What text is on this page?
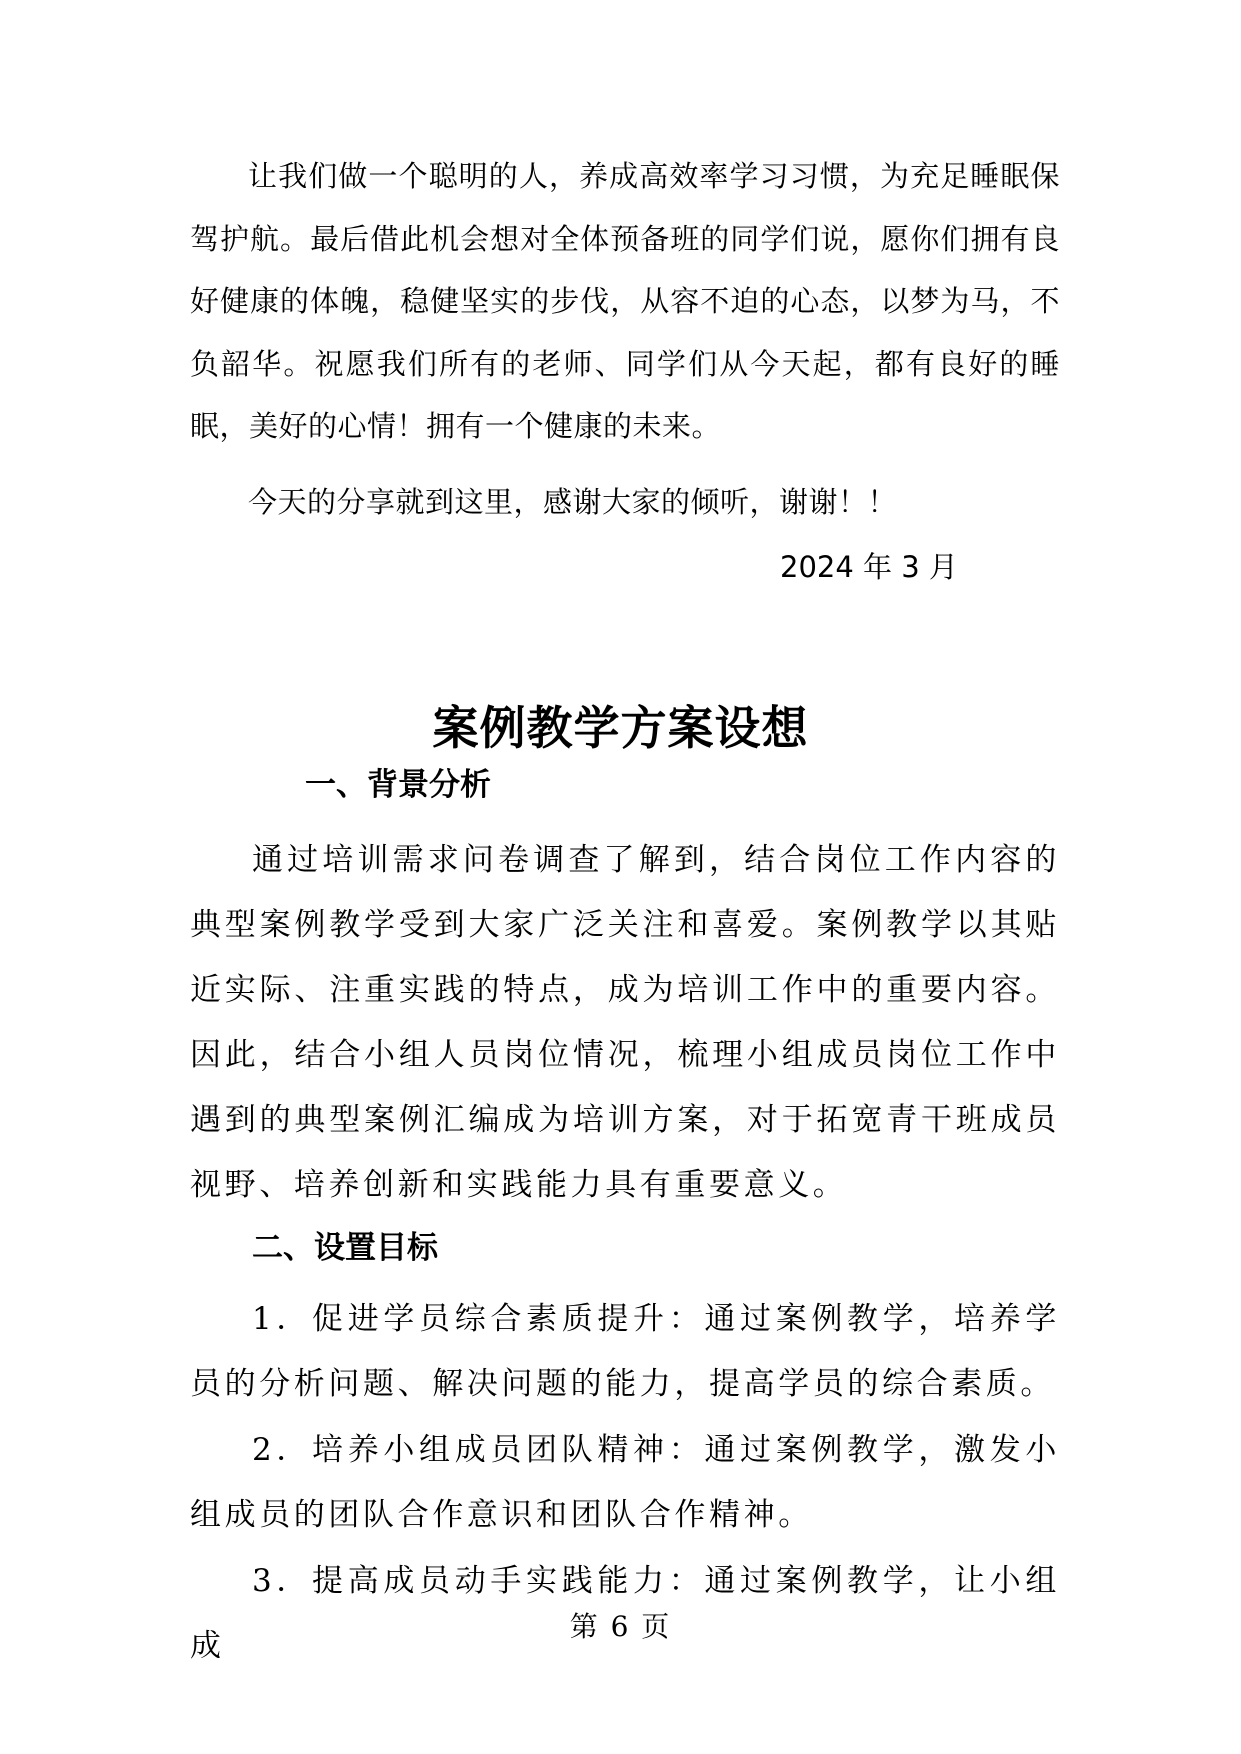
让我们做一个聪明的人，养成高效率学习习惯，为充足睡眠保驾护航。最后借此机会想对全体预备班的同学们说，愿你们拥有良好健康的体魄，稳健坚实的步伐，从容不迫的心态，以梦为马，不负韶华。祝愿我们所有的老师、同学们从今天起，都有良好的睡眠，美好的心情！拥有一个健康的未来。

今天的分享就到这里，感谢大家的倾听，谢谢！！

2024 年 3 月

案例教学方案设想
一、背景分析

通过培训需求问卷调查了解到，结合岗位工作内容的典型案例教学受到大家广泛关注和喜爱。案例教学以其贴近实际、注重实践的特点，成为培训工作中的重要内容。因此，结合小组人员岗位情况，梳理小组成员岗位工作中遇到的典型案例汇编成为培训方案，对于拓宽青干班成员视野、培养创新和实践能力具有重要意义。

二、设置目标

1．促进学员综合素质提升：通过案例教学，培养学员的分析问题、解决问题的能力，提高学员的综合素质。

2．培养小组成员团队精神：通过案例教学，激发小组成员的团队合作意识和团队合作精神。

3．提高成员动手实践能力：通过案例教学，让小组成

第 6 页
